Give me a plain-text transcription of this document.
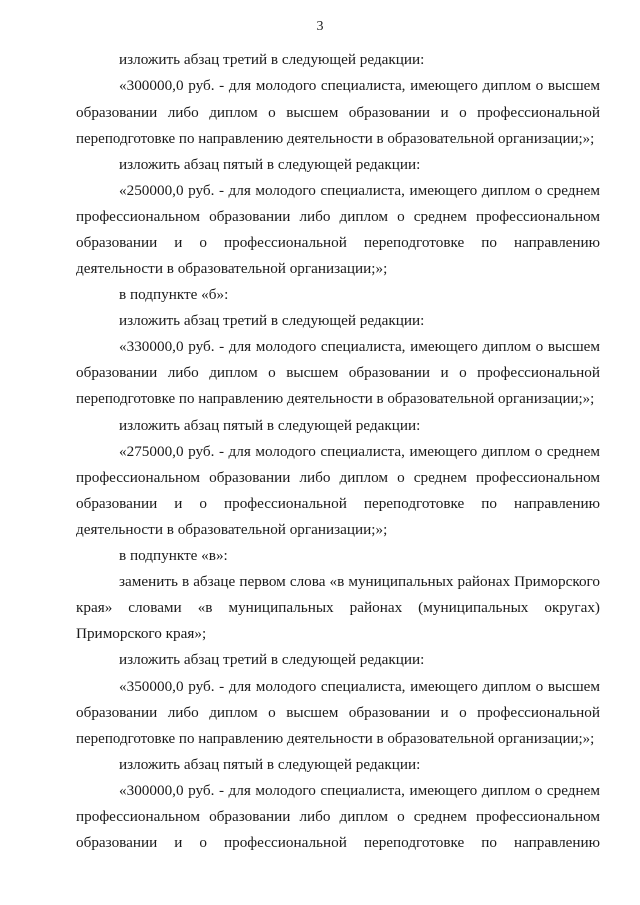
3
изложить абзац третий в следующей редакции:
«300000,0 руб. - для молодого специалиста, имеющего диплом о высшем
образовании либо диплом о высшем образовании и о профессиональной
переподготовке по направлению деятельности в образовательной организации;»;
изложить абзац пятый в следующей редакции:
«250000,0 руб. - для молодого специалиста, имеющего диплом о среднем
профессиональном образовании либо диплом о среднем профессиональном
образовании и о профессиональной переподготовке по направлению
деятельности в образовательной организации;»;
в подпункте «б»:
изложить абзац третий в следующей редакции:
«330000,0 руб. - для молодого специалиста, имеющего диплом о высшем
образовании либо диплом о высшем образовании и о профессиональной
переподготовке по направлению деятельности в образовательной организации;»;
изложить абзац пятый в следующей редакции:
«275000,0 руб. - для молодого специалиста, имеющего диплом о среднем
профессиональном образовании либо диплом о среднем профессиональном
образовании и о профессиональной переподготовке по направлению
деятельности в образовательной организации;»;
в подпункте «в»:
заменить в абзаце первом слова «в муниципальных районах Приморского
края» словами «в муниципальных районах (муниципальных округах)
Приморского края»;
изложить абзац третий в следующей редакции:
«350000,0 руб. - для молодого специалиста, имеющего диплом о высшем
образовании либо диплом о высшем образовании и о профессиональной
переподготовке по направлению деятельности в образовательной организации;»;
изложить абзац пятый в следующей редакции:
«300000,0 руб. - для молодого специалиста, имеющего диплом о среднем
профессиональном образовании либо диплом о среднем профессиональном
образовании и о профессиональной переподготовке по направлению
